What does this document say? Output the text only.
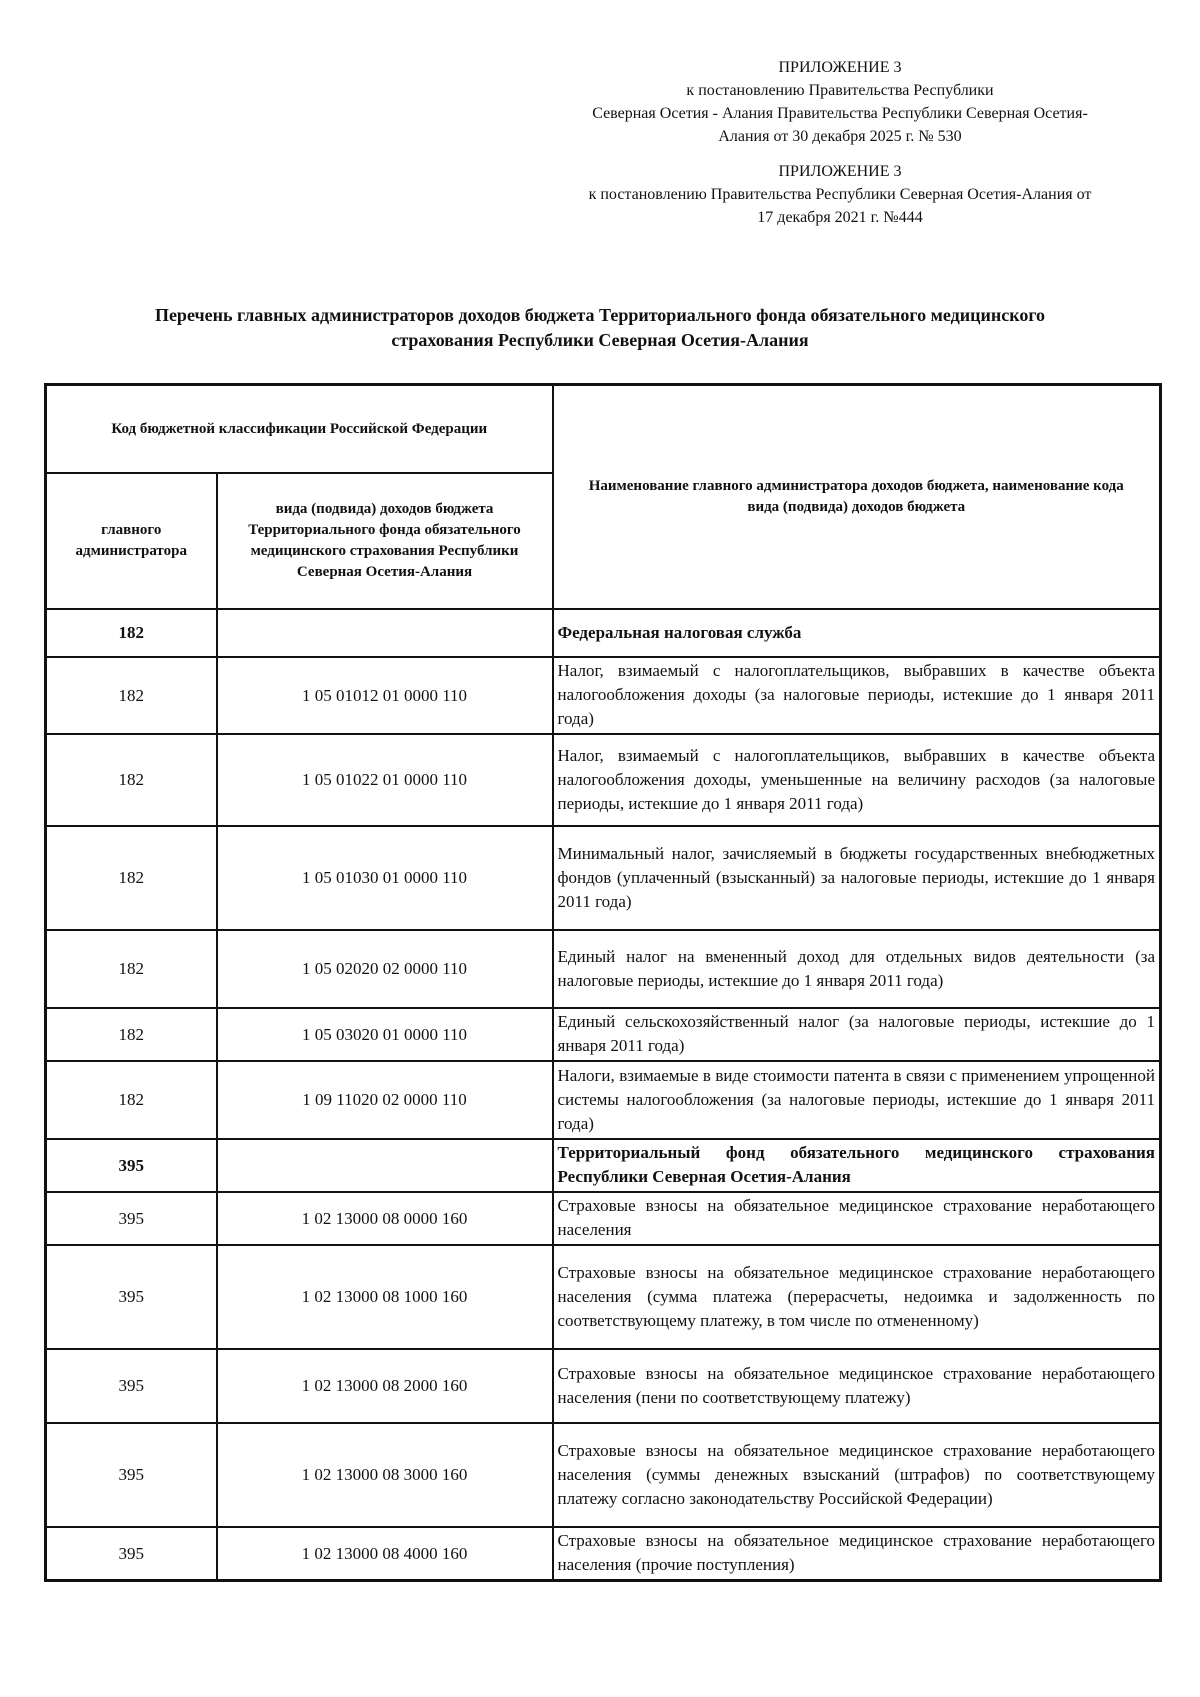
ПРИЛОЖЕНИЕ 3

к постановлению Правительства Республики

Северная Осетия - Алания Правительства Республики Северная Осетия-

Алания от 30 декабря 2025 г. № 530

ПРИЛОЖЕНИЕ 3

к постановлению Правительства Республики Северная Осетия-Алания от

17 декабря 2021 г. №444

Перечень главных администраторов доходов бюджета Территориального фонда обязательного медицинского
страхования Республики Северная Осетия-Алания
Код бюджетной классификации Российской Федерации		Наименование главного администратора доходов бюджета, наименование кода вида (подвида) доходов бюджета
главного администратора	вида (подвида) доходов бюджета Территориального фонда обязательного медицинского страхования Республики Северная Осетия-Алания	
182		Федеральная налоговая служба
182	1 05 01012 01 0000 110	Налог, взимаемый с налогоплательщиков, выбравших в качестве объекта налогообложения доходы (за налоговые периоды, истекшие до 1 января 2011 года)
182	1 05 01022 01 0000 110	Налог, взимаемый с налогоплательщиков, выбравших в качестве объекта налогообложения доходы, уменьшенные на величину расходов (за налоговые периоды, истекшие до 1 января 2011 года)
182	1 05 01030 01 0000 110	Минимальный налог, зачисляемый в бюджеты государственных внебюджетных фондов (уплаченный (взысканный) за налоговые периоды, истекшие до 1 января 2011 года)
182	1 05 02020 02 0000 110	Единый налог на вмененный доход для отдельных видов деятельности (за налоговые периоды, истекшие до 1 января 2011 года)
182	1 05 03020 01 0000 110	Единый сельскохозяйственный налог (за налоговые периоды, истекшие до 1 января 2011 года)
182	1 09 11020 02 0000 110	Налоги, взимаемые в виде стоимости патента в связи с применением упрощенной системы налогообложения (за налоговые периоды, истекшие до 1 января 2011 года)
395		Территориальный фонд обязательного медицинского страхования Республики Северная Осетия-Алания
395	1 02 13000 08 0000 160	Страховые взносы на обязательное медицинское страхование неработающего населения
395	1 02 13000 08 1000 160	Страховые взносы на обязательное медицинское страхование неработающего населения (сумма платежа (перерасчеты, недоимка и задолженность по соответствующему платежу, в том числе по отмененному)
395	1 02 13000 08 2000 160	Страховые взносы на обязательное медицинское страхование неработающего населения (пени по соответствующему платежу)
395	1 02 13000 08 3000 160	Страховые взносы на обязательное медицинское страхование неработающего населения (суммы денежных взысканий (штрафов) по соответствующему платежу согласно законодательству Российской Федерации)
395	1 02 13000 08 4000 160	Страховые взносы на обязательное медицинское страхование неработающего населения (прочие поступления)
